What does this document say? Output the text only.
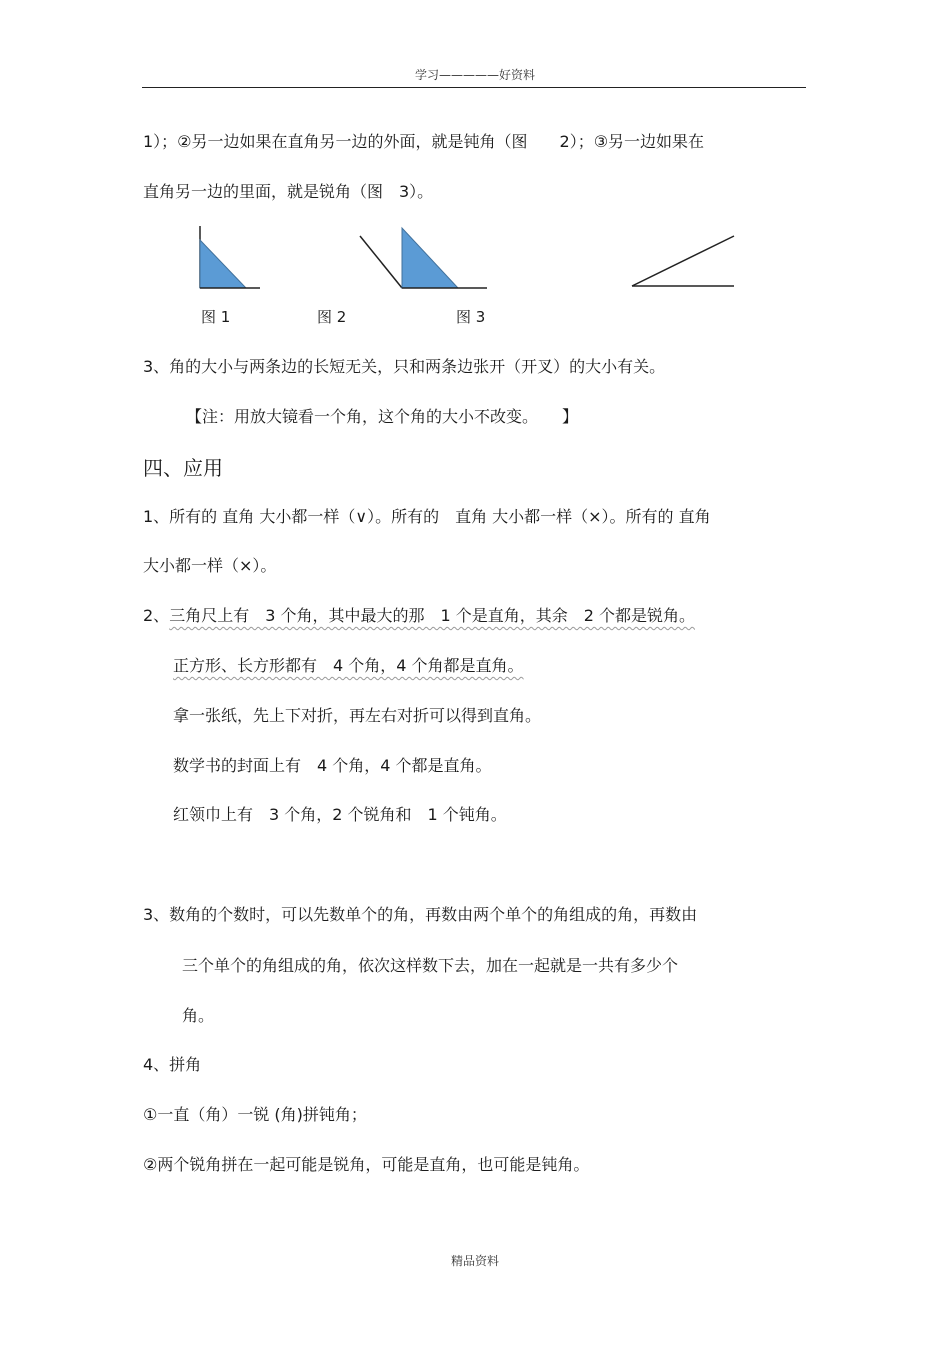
学习—————好资料
1）；②另一边如果在直角另一边的外面，就是钝角（图　　2）；③另一边如果在
直角另一边的里面，就是锐角（图　3）。
图 1	图 2	图 3
3、角的大小与两条边的长短无关，只和两条边张开（开叉）的大小有关。
【注：用放大镜看一个角，这个角的大小不改变。　　】
四、应用
1、所有的 直角 大小都一样（∨）。所有的　直角 大小都一样（×）。所有的 直角
大小都一样（×）。
2、三角尺上有　3 个角，其中最大的那　1 个是直角，其余　2 个都是锐角。
正方形、长方形都有　4 个角，4 个角都是直角。
拿一张纸，先上下对折，再左右对折可以得到直角。
数学书的封面上有　4 个角，4 个都是直角。
红领巾上有　3 个角，2 个锐角和　1 个钝角。
3、数角的个数时，可以先数单个的角，再数由两个单个的角组成的角，再数由
三个单个的角组成的角，依次这样数下去，加在一起就是一共有多少个
角。
4、拼角
①一直（角）一锐 (角)拼钝角；
②两个锐角拼在一起可能是锐角，可能是直角，也可能是钝角。
精品资料
